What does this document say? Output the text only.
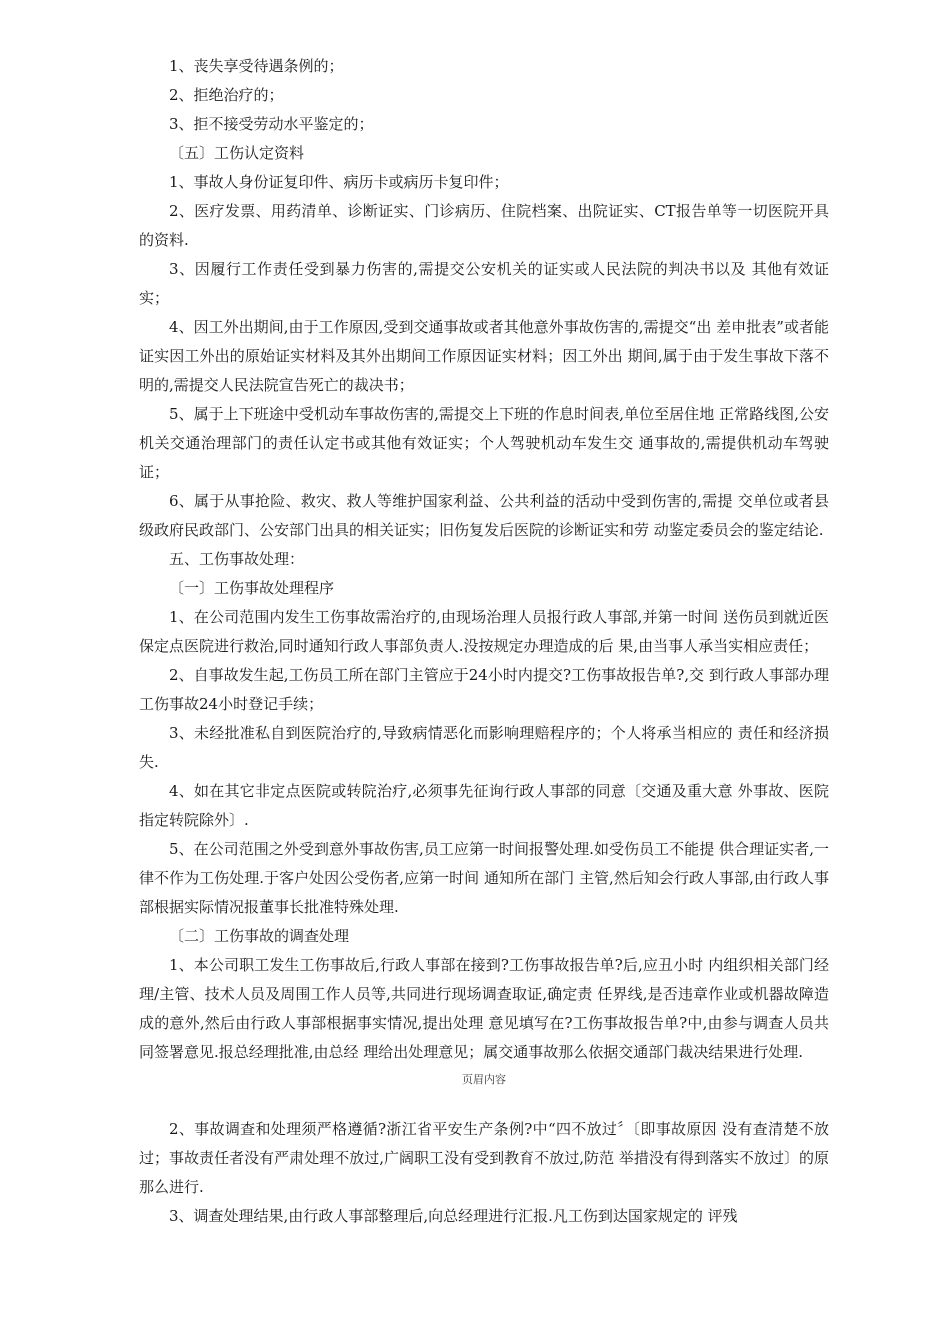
1、丧失享受待遇条例的；

2、拒绝治疗的；

3、拒不接受劳动水平鉴定的；

〔五〕工伤认定资料

1、事故人身份证复印件、病历卡或病历卡复印件；

2、医疗发票、用药清单、诊断证实、门诊病历、住院档案、出院证实、CT报告单等一切医院开具的资料.

3、因履行工作责任受到暴力伤害的,需提交公安机关的证实或人民法院的判决书以及 其他有效证实；

4、因工外出期间,由于工作原因,受到交通事故或者其他意外事故伤害的,需提交“出 差申批表”或者能证实因工外出的原始证实材料及其外出期间工作原因证实材料；因工外出 期间,属于由于发生事故下落不明的,需提交人民法院宣告死亡的裁决书；

5、属于上下班途中受机动车事故伤害的,需提交上下班的作息时间表,单位至居住地 正常路线图,公安机关交通治理部门的责任认定书或其他有效证实；个人驾驶机动车发生交 通事故的,需提供机动车驾驶证；

6、属于从事抢险、救灾、救人等维护国家利益、公共利益的活动中受到伤害的,需提 交单位或者县级政府民政部门、公安部门出具的相关证实；旧伤复发后医院的诊断证实和劳 动鉴定委员会的鉴定结论.

五、工伤事故处理：

〔一〕工伤事故处理程序

1、在公司范围内发生工伤事故需治疗的,由现场治理人员报行政人事部,并第一时间 送伤员到就近医保定点医院进行救治,同时通知行政人事部负责人.没按规定办理造成的后 果,由当事人承当实相应责任；

2、自事故发生起,工伤员工所在部门主管应于24小时内提交?工伤事故报告单?,交 到行政人事部办理工伤事故24小时登记手续；

3、未经批准私自到医院治疗的,导致病情恶化而影响理赔程序的；个人将承当相应的 责任和经济损失.

4、如在其它非定点医院或转院治疗,必须事先征询行政人事部的同意〔交通及重大意 外事故、医院指定转院除外〕.

5、在公司范围之外受到意外事故伤害,员工应第一时间报警处理.如受伤员工不能提 供合理证实者,一律不作为工伤处理.于客户处因公受伤者,应第一时间 通知所在部门 主管,然后知会行政人事部,由行政人事部根据实际情况报董事长批准特殊处理.

〔二〕工伤事故的调查处理

1、本公司职工发生工伤事故后,行政人事部在接到?工伤事故报告单?后,应丑小时 内组织相关部门经理/主管、技术人员及周围工作人员等,共同进行现场调查取证,确定责 任界线,是否违章作业或机器故障造成的意外,然后由行政人事部根据事实情况,提出处理 意见填写在?工伤事故报告单?中,由参与调查人员共同签署意见.报总经理批准,由总经 理给出处理意见；属交通事故那么依据交通部门裁决结果进行处理.

页眉内容

2、事故调查和处理须严格遵循?浙江省平安生产条例?中“四不放过〞〔即事故原因 没有查清楚不放过；事故责任者没有严肃处理不放过,广阔职工没有受到教育不放过,防范 举措没有得到落实不放过〕的原那么进行.

3、调查处理结果,由行政人事部整理后,向总经理进行汇报.凡工伤到达国家规定的 评残
